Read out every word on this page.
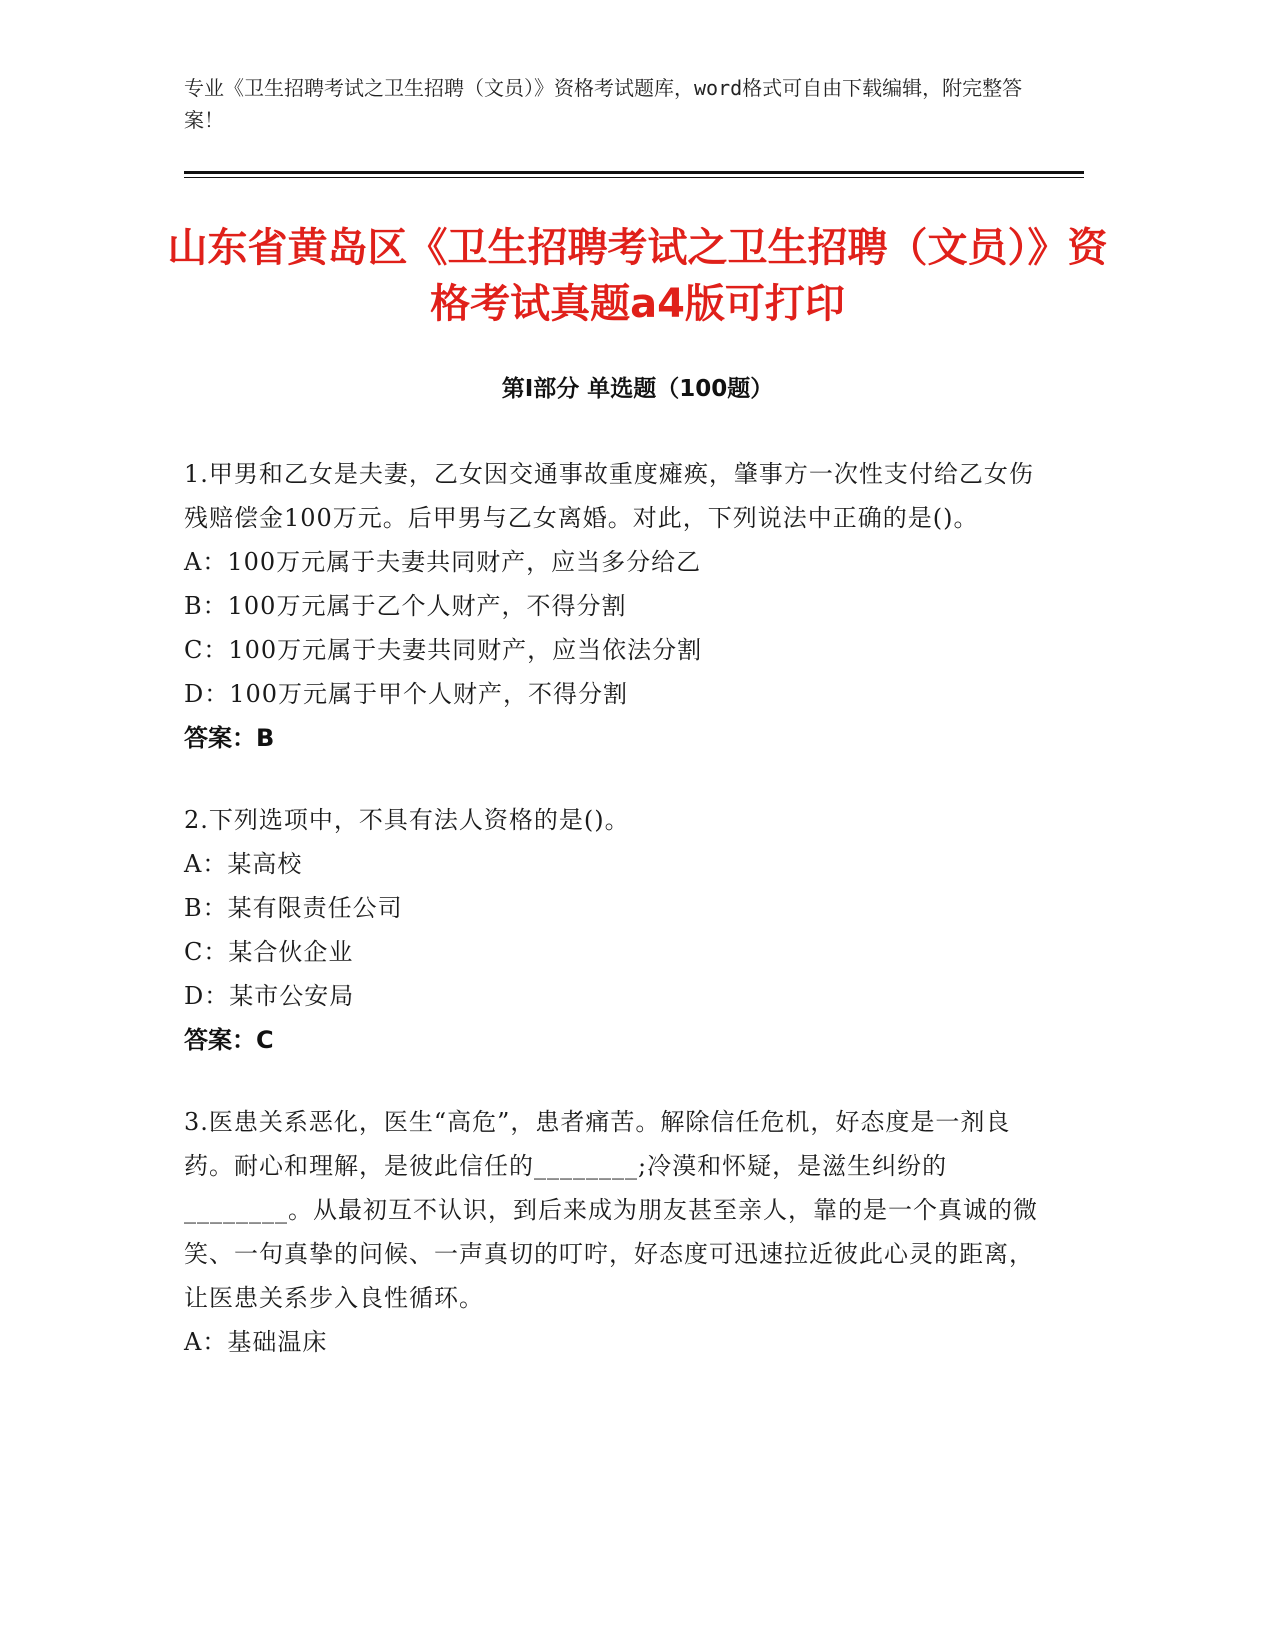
专业《卫生招聘考试之卫生招聘（文员）》资格考试题库，word格式可自由下载编辑，附完整答案！
山东省黄岛区《卫生招聘考试之卫生招聘（文员）》资格考试真题a4版可打印
第Ⅰ部分 单选题（100题）
1.甲男和乙女是夫妻，乙女因交通事故重度瘫痪，肇事方一次性支付给乙女伤残赔偿金100万元。后甲男与乙女离婚。对此，下列说法中正确的是()。
A：100万元属于夫妻共同财产，应当多分给乙
B：100万元属于乙个人财产，不得分割
C：100万元属于夫妻共同财产，应当依法分割
D：100万元属于甲个人财产，不得分割
答案：B
2.下列选项中，不具有法人资格的是()。
A：某高校
B：某有限责任公司
C：某合伙企业
D：某市公安局
答案：C
3.医患关系恶化，医生“高危”，患者痛苦。解除信任危机，好态度是一剂良药。耐心和理解，是彼此信任的________;冷漠和怀疑，是滋生纠纷的________。从最初互不认识，到后来成为朋友甚至亲人，靠的是一个真诚的微笑、一句真挚的问候、一声真切的叮咛，好态度可迅速拉近彼此心灵的距离，让医患关系步入良性循环。
A：基础温床
